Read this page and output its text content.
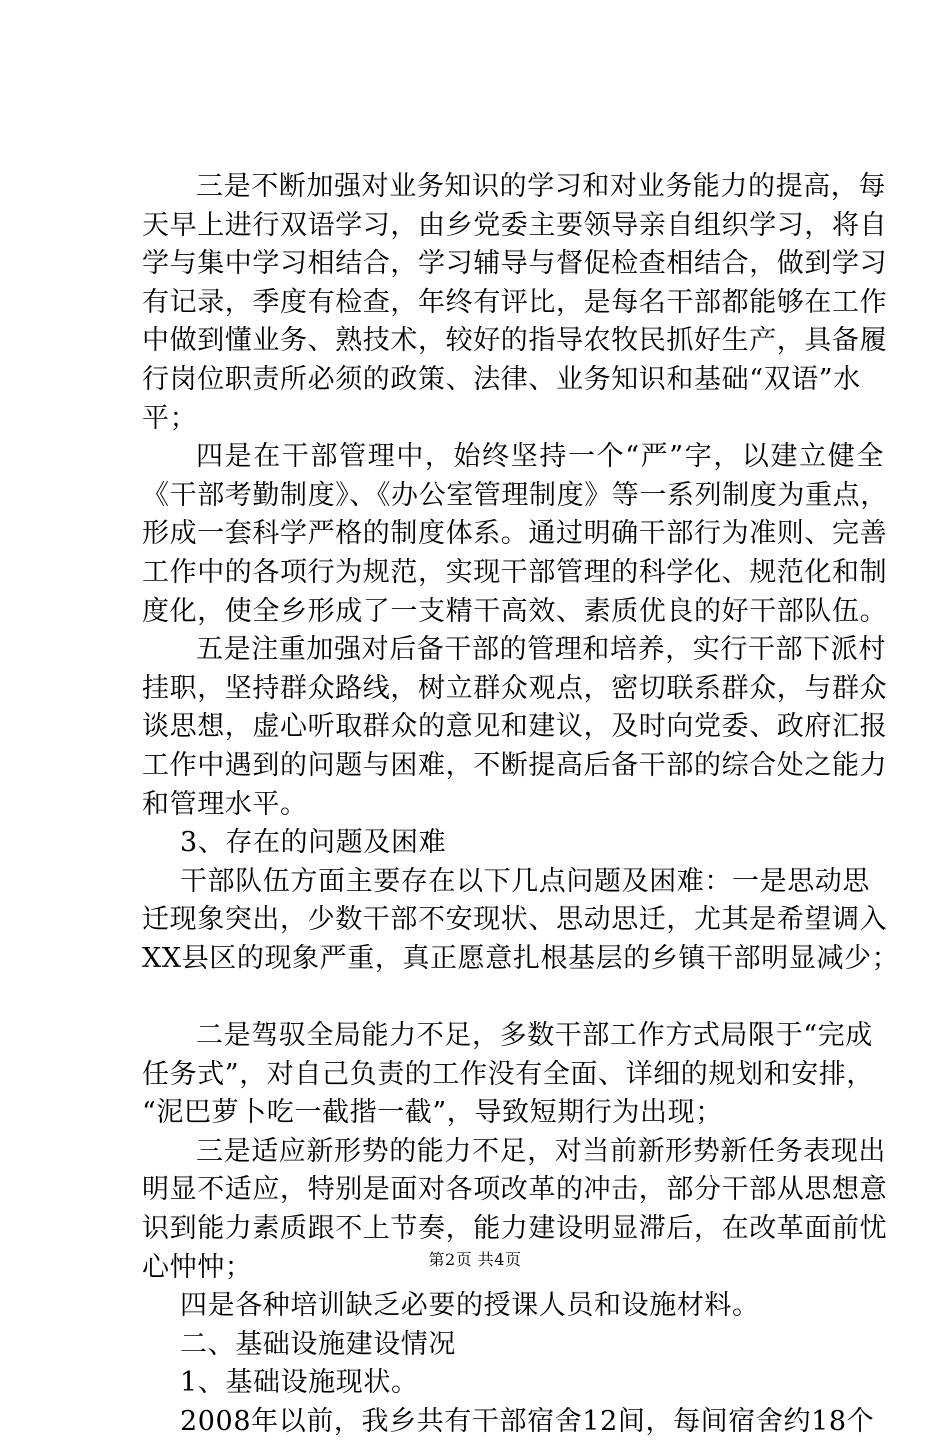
三是不断加强对业务知识的学习和对业务能力的提高，每
天早上进行双语学习，由乡党委主要领导亲自组织学习，将自
学与集中学习相结合，学习辅导与督促检查相结合，做到学习
有记录，季度有检查，年终有评比，是每名干部都能够在工作
中做到懂业务、熟技术，较好的指导农牧民抓好生产，具备履
行岗位职责所必须的政策、法律、业务知识和基础“双语”水
平；
四是在干部管理中，始终坚持一个“严”字，以建立健全
《干部考勤制度》、《办公室管理制度》等一系列制度为重点，
形成一套科学严格的制度体系。通过明确干部行为准则、完善
工作中的各项行为规范，实现干部管理的科学化、规范化和制
度化，使全乡形成了一支精干高效、素质优良的好干部队伍。
五是注重加强对后备干部的管理和培养，实行干部下派村
挂职，坚持群众路线，树立群众观点，密切联系群众，与群众
谈思想，虚心听取群众的意见和建议，及时向党委、政府汇报
工作中遇到的问题与困难，不断提高后备干部的综合处之能力
和管理水平。
3、存在的问题及困难
干部队伍方面主要存在以下几点问题及困难：一是思动思
迁现象突出，少数干部不安现状、思动思迁，尤其是希望调入
XX县区的现象严重，真正愿意扎根基层的乡镇干部明显减少；
二是驾驭全局能力不足，多数干部工作方式局限于“完成
任务式”，对自己负责的工作没有全面、详细的规划和安排，
“泥巴萝卜吃一截揩一截”，导致短期行为出现；
三是适应新形势的能力不足，对当前新形势新任务表现出
明显不适应，特别是面对各项改革的冲击，部分干部从思想意
识到能力素质跟不上节奏，能力建设明显滞后，在改革面前忧
心忡忡；
四是各种培训缺乏必要的授课人员和设施材料。
二、基础设施建设情况
1、基础设施现状。
2008年以前，我乡共有干部宿舍12间，每间宿舍约18个
第2页 共4页
